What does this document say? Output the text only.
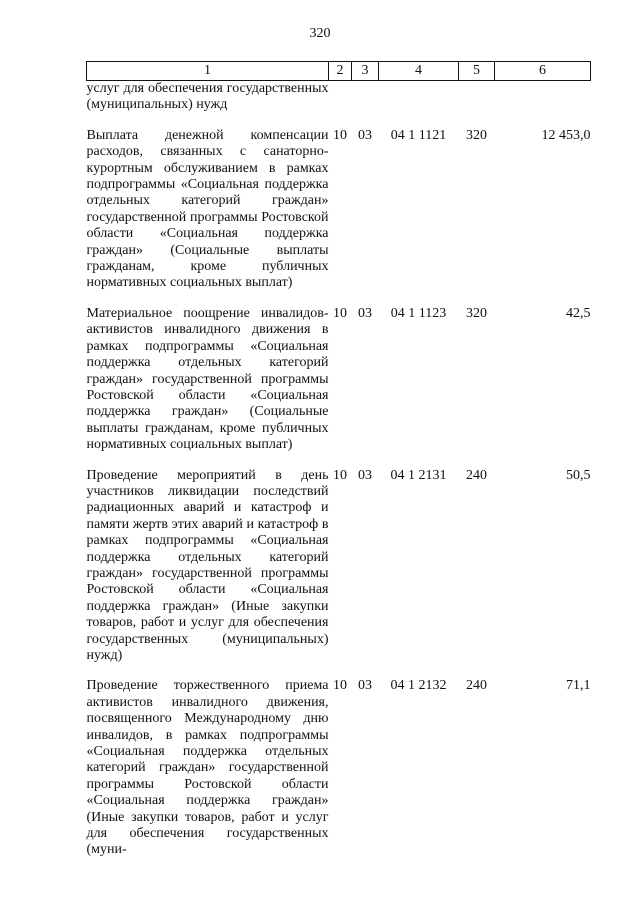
320
1	2	3	4	5	6
услуг для обеспечения государственных (муниципальных) нужд					
Выплата денежной компенсации расходов, связанных с санаторно-курортным обслуживанием в рамках подпрограммы «Социальная поддержка отдельных категорий граждан» государственной программы Ростовской области «Социальная поддержка граждан» (Социальные выплаты гражданам, кроме публичных нормативных социальных выплат)	10	03	04 1 1121	320	12 453,0
Материальное поощрение инвалидов-активистов инвалидного движения в рамках подпрограммы «Социальная поддержка отдельных категорий граждан» государственной программы Ростовской области «Социальная поддержка граждан» (Социальные выплаты гражданам, кроме публичных нормативных социальных выплат)	10	03	04 1 1123	320	42,5
Проведение мероприятий в день участников ликвидации последствий радиационных аварий и катастроф и памяти жертв этих аварий и катастроф в рамках подпрограммы «Социальная поддержка отдельных категорий граждан» государственной программы Ростовской области «Социальная поддержка граждан» (Иные закупки товаров, работ и услуг для обеспечения государственных (муниципальных) нужд)	10	03	04 1 2131	240	50,5
Проведение торжественного приема активистов инвалидного движения, посвященного Международному дню инвалидов, в рамках подпрограммы «Социальная поддержка отдельных категорий граждан» государственной программы Ростовской области «Социальная поддержка граждан» (Иные закупки товаров, работ и услуг для обеспечения государственных (муни-	10	03	04 1 2132	240	71,1
